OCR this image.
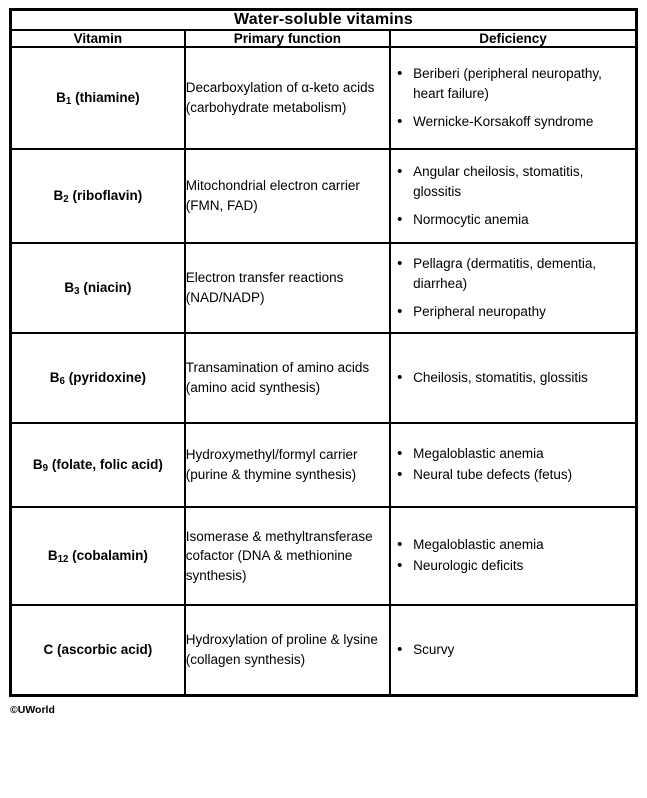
Water-soluble vitamins		
Vitamin	Primary function	Deficiency
$B_1$ (thiamine)	Decarboxylation of α-keto acids (carbohydrate metabolism)	
• Beriberi (peripheral neuropathy, heart failure)
• Wernicke-Korsakoff syndrome

$B_2$ (riboflavin)	Mitochondrial electron carrier (FMN, FAD)	
• Angular cheilosis, stomatitis, glossitis
• Normocytic anemia

$B_3$ (niacin)	Electron transfer reactions (NAD/NADP)	
• Pellagra (dermatitis, dementia, diarrhea)
• Peripheral neuropathy

$B_6$ (pyridoxine)	Transamination of amino acids (amino acid synthesis)	
• Cheilosis, stomatitis, glossitis

$B_9$ (folate, folic acid)	Hydroxymethyl/formyl carrier (purine & thymine synthesis)	
• Megaloblastic anemia
• Neural tube defects (fetus)

$B_{12}$ (cobalamin)	Isomerase & methyltransferase cofactor (DNA & methionine synthesis)	
• Megaloblastic anemia
• Neurologic deficits

C (ascorbic acid)	Hydroxylation of proline & lysine (collagen synthesis)	
• Scurvy
©UWorld
